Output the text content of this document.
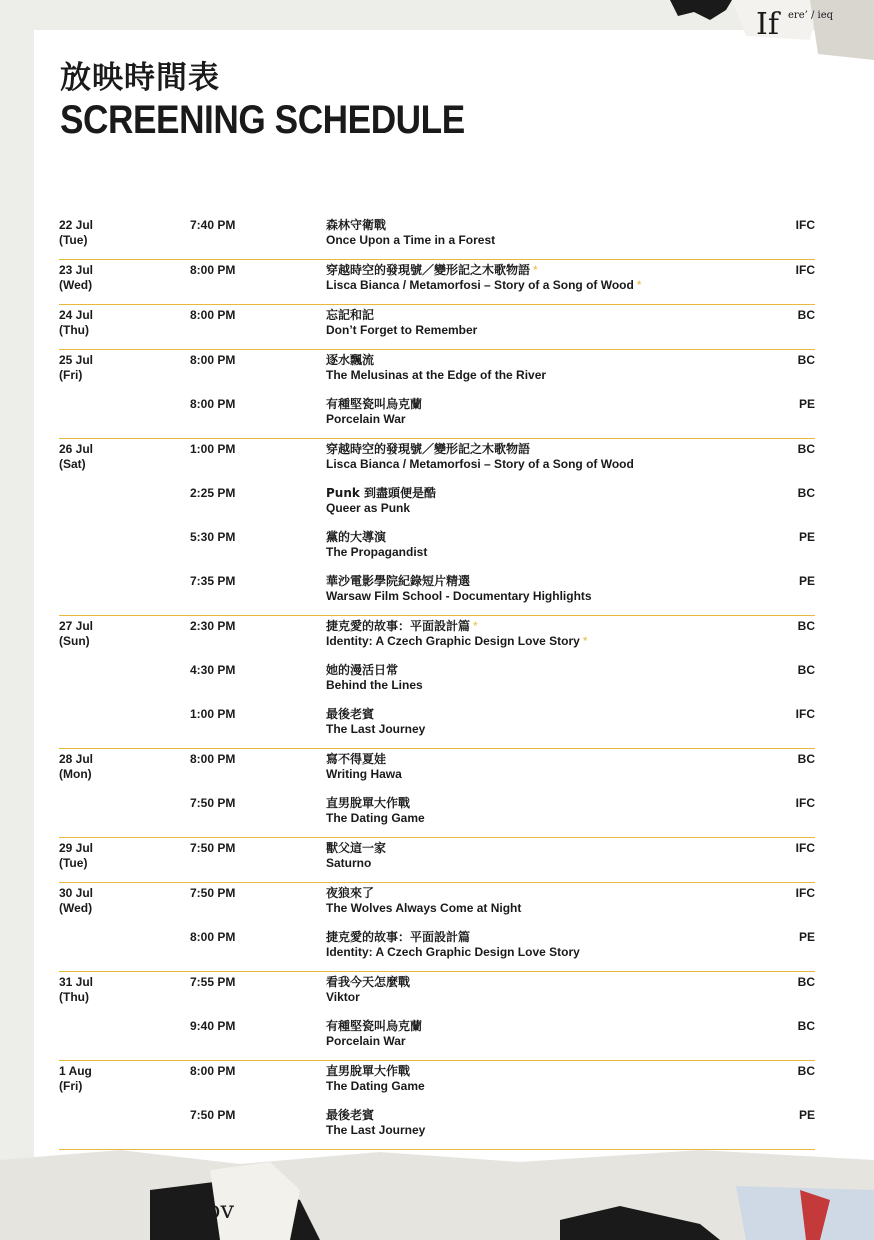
If ere’ / ieq
放映時間表
SCREENING SCHEDULE
22 Jul
(Tue)
7:40 PM	森林守衛戰
Once Upon a Time in a Forest
IFC
23 Jul
(Wed)
8:00 PM	穿越時空的發現號／變形記之木歌物語 *
Lisca Bianca / Metamorfosi – Story of a Song of Wood *
IFC
24 Jul
(Thu)
8:00 PM	忘記和記
Don’t Forget to Remember
BC
25 Jul
(Fri)
8:00 PM	逐水飄流
The Melusinas at the Edge of the River
BC
8:00 PM	有種堅瓷叫烏克蘭
Porcelain War
PE
26 Jul
(Sat)
1:00 PM	穿越時空的發現號／變形記之木歌物語
Lisca Bianca / Metamorfosi – Story of a Song of Wood
BC
2:25 PM	Punk 到盡頭便是酷
Queer as Punk
BC
5:30 PM	黨的大導演
The Propagandist
PE
7:35 PM	華沙電影學院紀錄短片精選
Warsaw Film School - Documentary Highlights
PE
27 Jul
(Sun)
2:30 PM	捷克愛的故事：平面設計篇 *
Identity: A Czech Graphic Design Love Story *
BC
4:30 PM	她的漫活日常
Behind the Lines
BC
1:00 PM	最後老賓
The Last Journey
IFC
28 Jul
(Mon)
8:00 PM	寫不得夏娃
Writing Hawa
BC
7:50 PM	直男脫單大作戰
The Dating Game
IFC
29 Jul
(Tue)
7:50 PM	獸父這一家
Saturno
IFC
30 Jul
(Wed)
7:50 PM	夜狼來了
The Wolves Always Come at Night
IFC
8:00 PM	捷克愛的故事：平面設計篇
Identity: A Czech Graphic Design Love Story
PE
31 Jul
(Thu)
7:55 PM	看我今天怎麼戰
Viktor
BC
9:40 PM	有種堅瓷叫烏克蘭
Porcelain War
BC
1 Aug
(Fri)
8:00 PM	直男脫單大作戰
The Dating Game
BC
7:50 PM	最後老賓
The Last Journey
PE
ov
